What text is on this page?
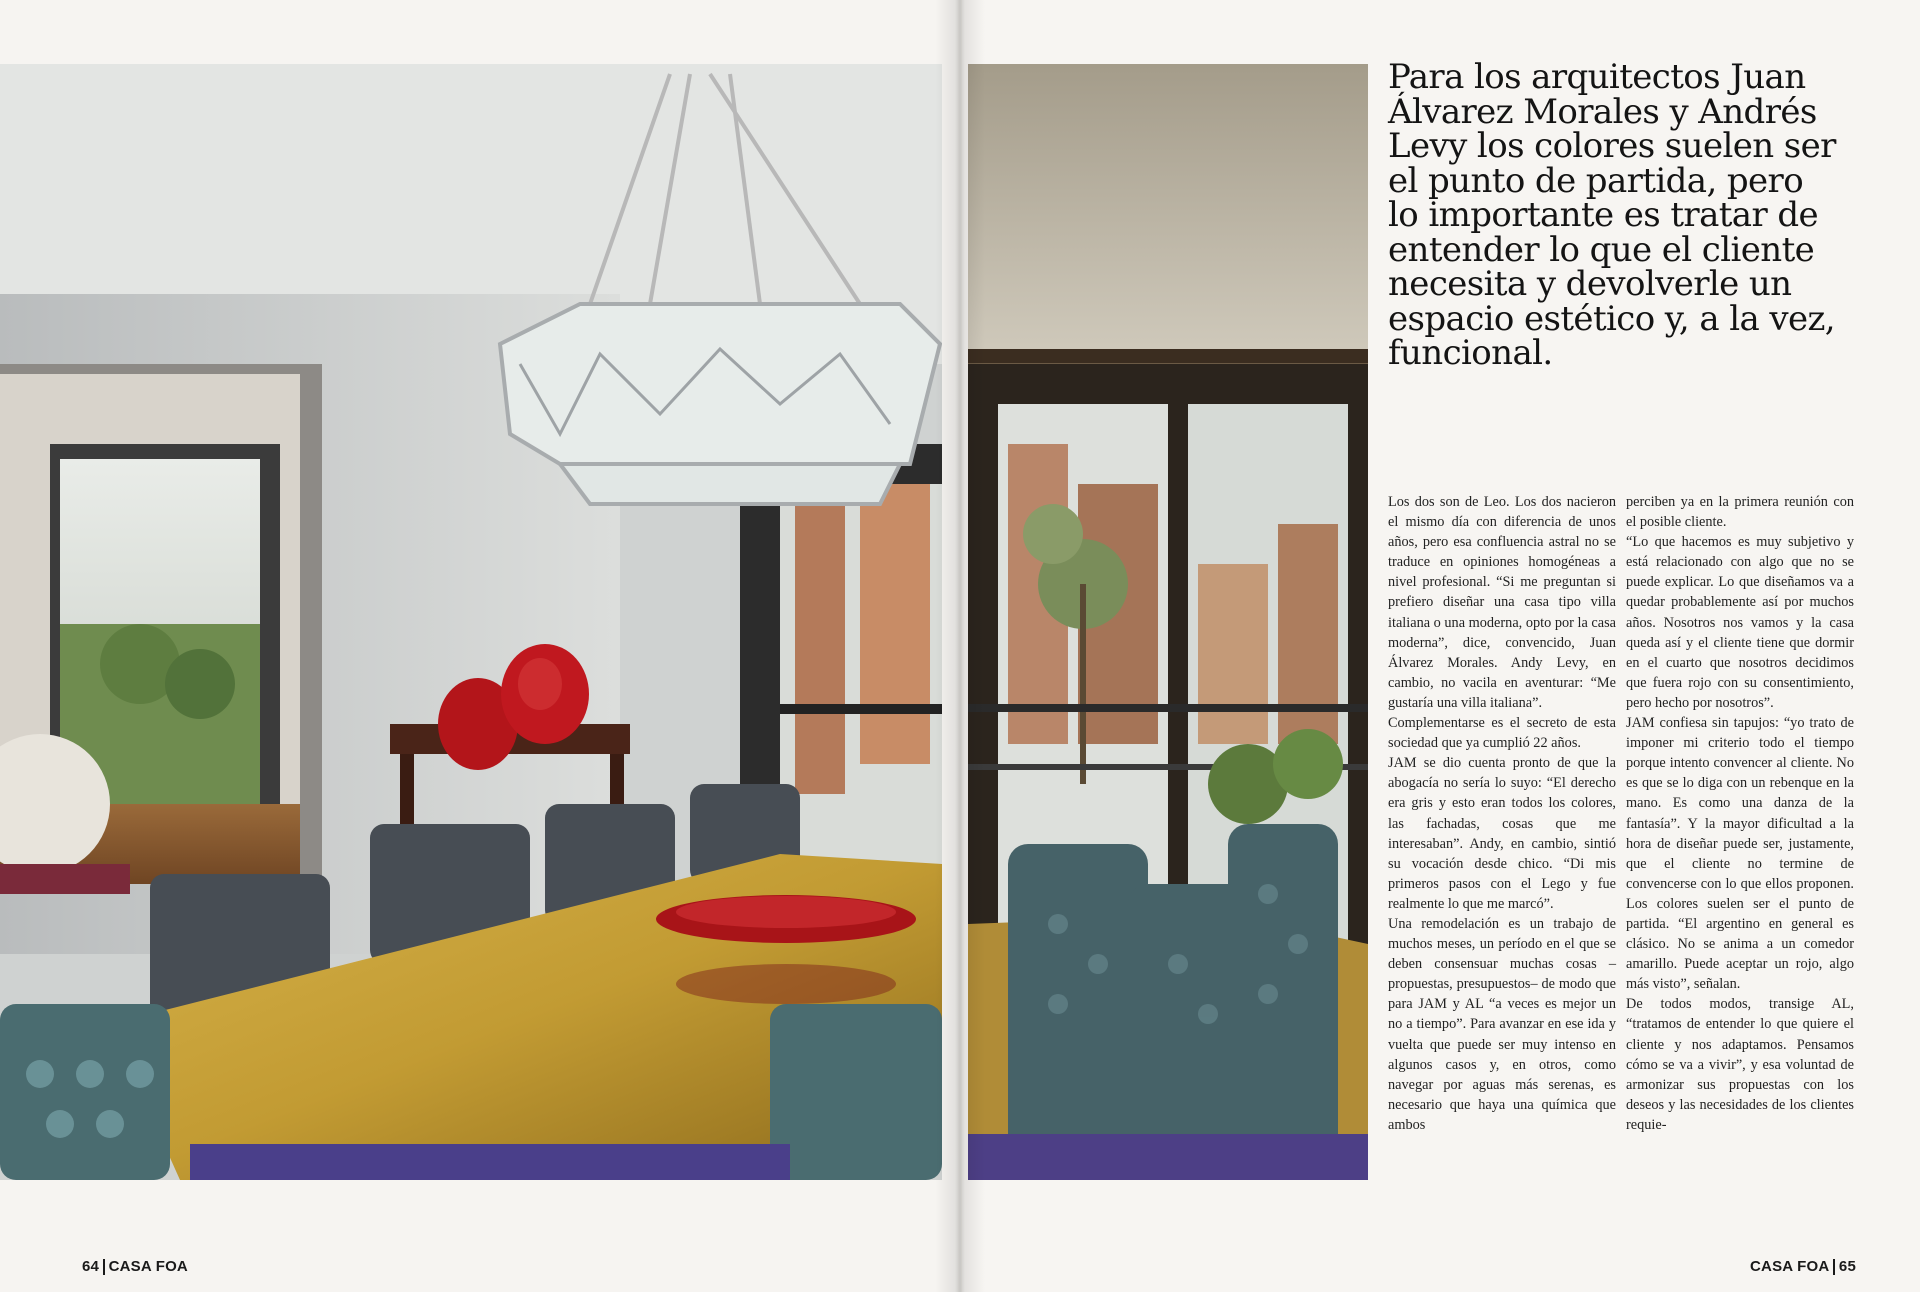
Para los arquitectos Juan Álvarez Morales y Andrés Levy los colores suelen ser el punto de partida, pero lo importante es tratar de entender lo que el cliente necesita y devolverle un espacio estético y, a la vez, funcional.

Los dos son de Leo. Los dos nacieron el mismo día con diferencia de unos años, pero esa confluencia astral no se traduce en opiniones homogéneas a nivel profesional. “Si me preguntan si prefiero diseñar una casa tipo villa italiana o una moderna, opto por la casa moderna”, dice, convencido, Juan Álvarez Morales. Andy Levy, en cambio, no vacila en aventurar: “Me gustaría una villa italiana”.

Complementarse es el secreto de esta sociedad que ya cumplió 22 años.

JAM se dio cuenta pronto de que la abogacía no sería lo suyo: “El derecho era gris y esto eran todos los colores, las fachadas, cosas que me interesaban”. Andy, en cambio, sintió su vocación desde chico. “Di mis primeros pasos con el Lego y fue realmente lo que me marcó”.

Una remodelación es un trabajo de muchos meses, un período en el que se deben consensuar muchas cosas –propuestas, presupuestos– de modo que para JAM y AL “a veces es mejor un no a tiempo”. Para avanzar en ese ida y vuelta que puede ser muy intenso en algunos casos y, en otros, como navegar por aguas más serenas, es necesario que haya una química que ambos

perciben ya en la primera reunión con el posible cliente.

“Lo que hacemos es muy subjetivo y está relacionado con algo que no se puede explicar. Lo que diseñamos va a quedar probablemente así por muchos años. Nosotros nos vamos y la casa queda así y el cliente tiene que dormir en el cuarto que nosotros decidimos que fuera rojo con su consentimiento, pero hecho por nosotros”.

JAM confiesa sin tapujos: “yo trato de imponer mi criterio todo el tiempo porque intento convencer al cliente. No es que se lo diga con un rebenque en la mano. Es como una danza de la fantasía”. Y la mayor dificultad a la hora de diseñar puede ser, justamente, que el cliente no termine de convencerse con lo que ellos proponen. Los colores suelen ser el punto de partida. “El argentino en general es clásico. No se anima a un comedor amarillo. Puede aceptar un rojo, algo más visto”, señalan.

De todos modos, transige AL, “tratamos de entender lo que quiere el cliente y nos adaptamos. Pensamos cómo se va a vivir”, y esa voluntad de armonizar sus propuestas con los deseos y las necesidades de los clientes requie-

64 CASA FOA	CASA FOA 65
